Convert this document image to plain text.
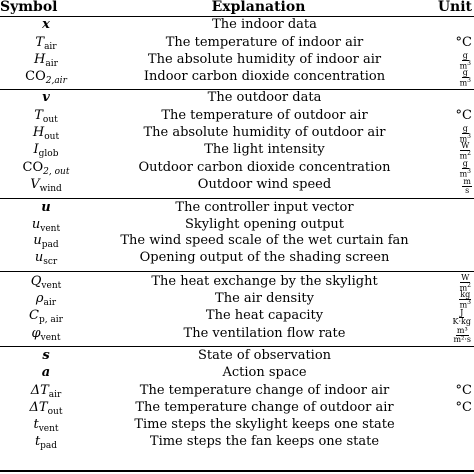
Symbol	Explanation	Unit
x	The indoor data
$T_{air}$	The temperature of indoor air	°C
$H_{air}$	The absolute humidity of indoor air	$\frac{g}{m^3}$
$CO_{2,air}$	Indoor carbon dioxide concentration	$\frac{g}{m^3}$
v	The outdoor data
$T_{out}$	The temperature of outdoor air	°C
$H_{out}$	The absolute humidity of outdoor air	$\frac{g}{m^3}$
$I_{glob}$	The light intensity	$\frac{W}{m^2}$
$CO_{2, out}$	Outdoor carbon dioxide concentration	$\frac{g}{m^3}$
$V_{wind}$	Outdoor wind speed	$\frac{m}{s}$
u	The controller input vector
$u_{vent}$	Skylight opening output
$u_{pad}$	The wind speed scale of the wet curtain fan
$u_{scr}$	Opening output of the shading screen
$Q_{vent}$	The heat exchange by the skylight	$\frac{W}{m^2}$
$\rho_{air}$	The air density	$\frac{kg}{m^3}$
$C_{p, air}$	The heat capacity	$\frac{J}{K\cdot kg}$
$\varphi_{vent}$	The ventilation flow rate	$\frac{\text{m³}}{\text{m²·s}}$
s	State of observation
a	Action space
$\Delta T_{air}$	The temperature change of indoor air	°C
$\Delta T_{out}$	The temperature change of outdoor air	°C
$t_{vent}$	Time steps the skylight keeps one state
$t_{pad}$	Time steps the fan keeps one state
